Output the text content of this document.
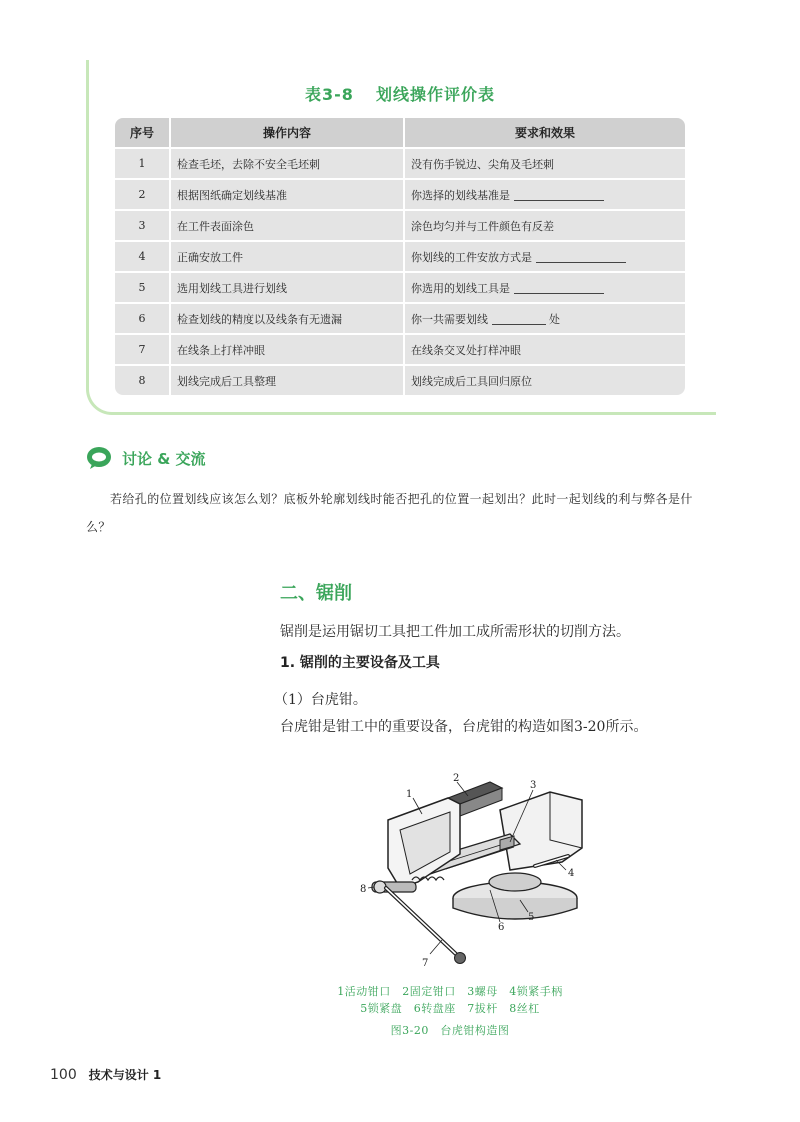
表3-8 划线操作评价表
序号	操作内容	要求和效果
1	检查毛坯，去除不安全毛坯刺	没有伤手锐边、尖角及毛坯刺
2	根据图纸确定划线基准	你选择的划线基准是
3	在工件表面涂色	涂色均匀并与工件颜色有反差
4	正确安放工件	你划线的工件安放方式是
5	选用划线工具进行划线	你选用的划线工具是
6	检查划线的精度以及线条有无遗漏	你一共需要划线 处
7	在线条上打样冲眼	在线条交叉处打样冲眼
8	划线完成后工具整理	划线完成后工具回归原位
讨论 & 交流

若给孔的位置划线应该怎么划？底板外轮廓划线时能否把孔的位置一起划出？此时一起划线的利与弊各是什么？

二、锯削
锯削是运用锯切工具把工件加工成所需形状的切削方法。
1. 锯削的主要设备及工具
（1）台虎钳。
台虎钳是钳工中的重要设备，台虎钳的构造如图3-20所示。
1
2
3
4
5
6
7
8
1活动钳口　2固定钳口　3螺母　4锁紧手柄
5锁紧盘　6转盘座　7拔杆　8丝杠
图3-20　台虎钳构造图
100 技术与设计 1
